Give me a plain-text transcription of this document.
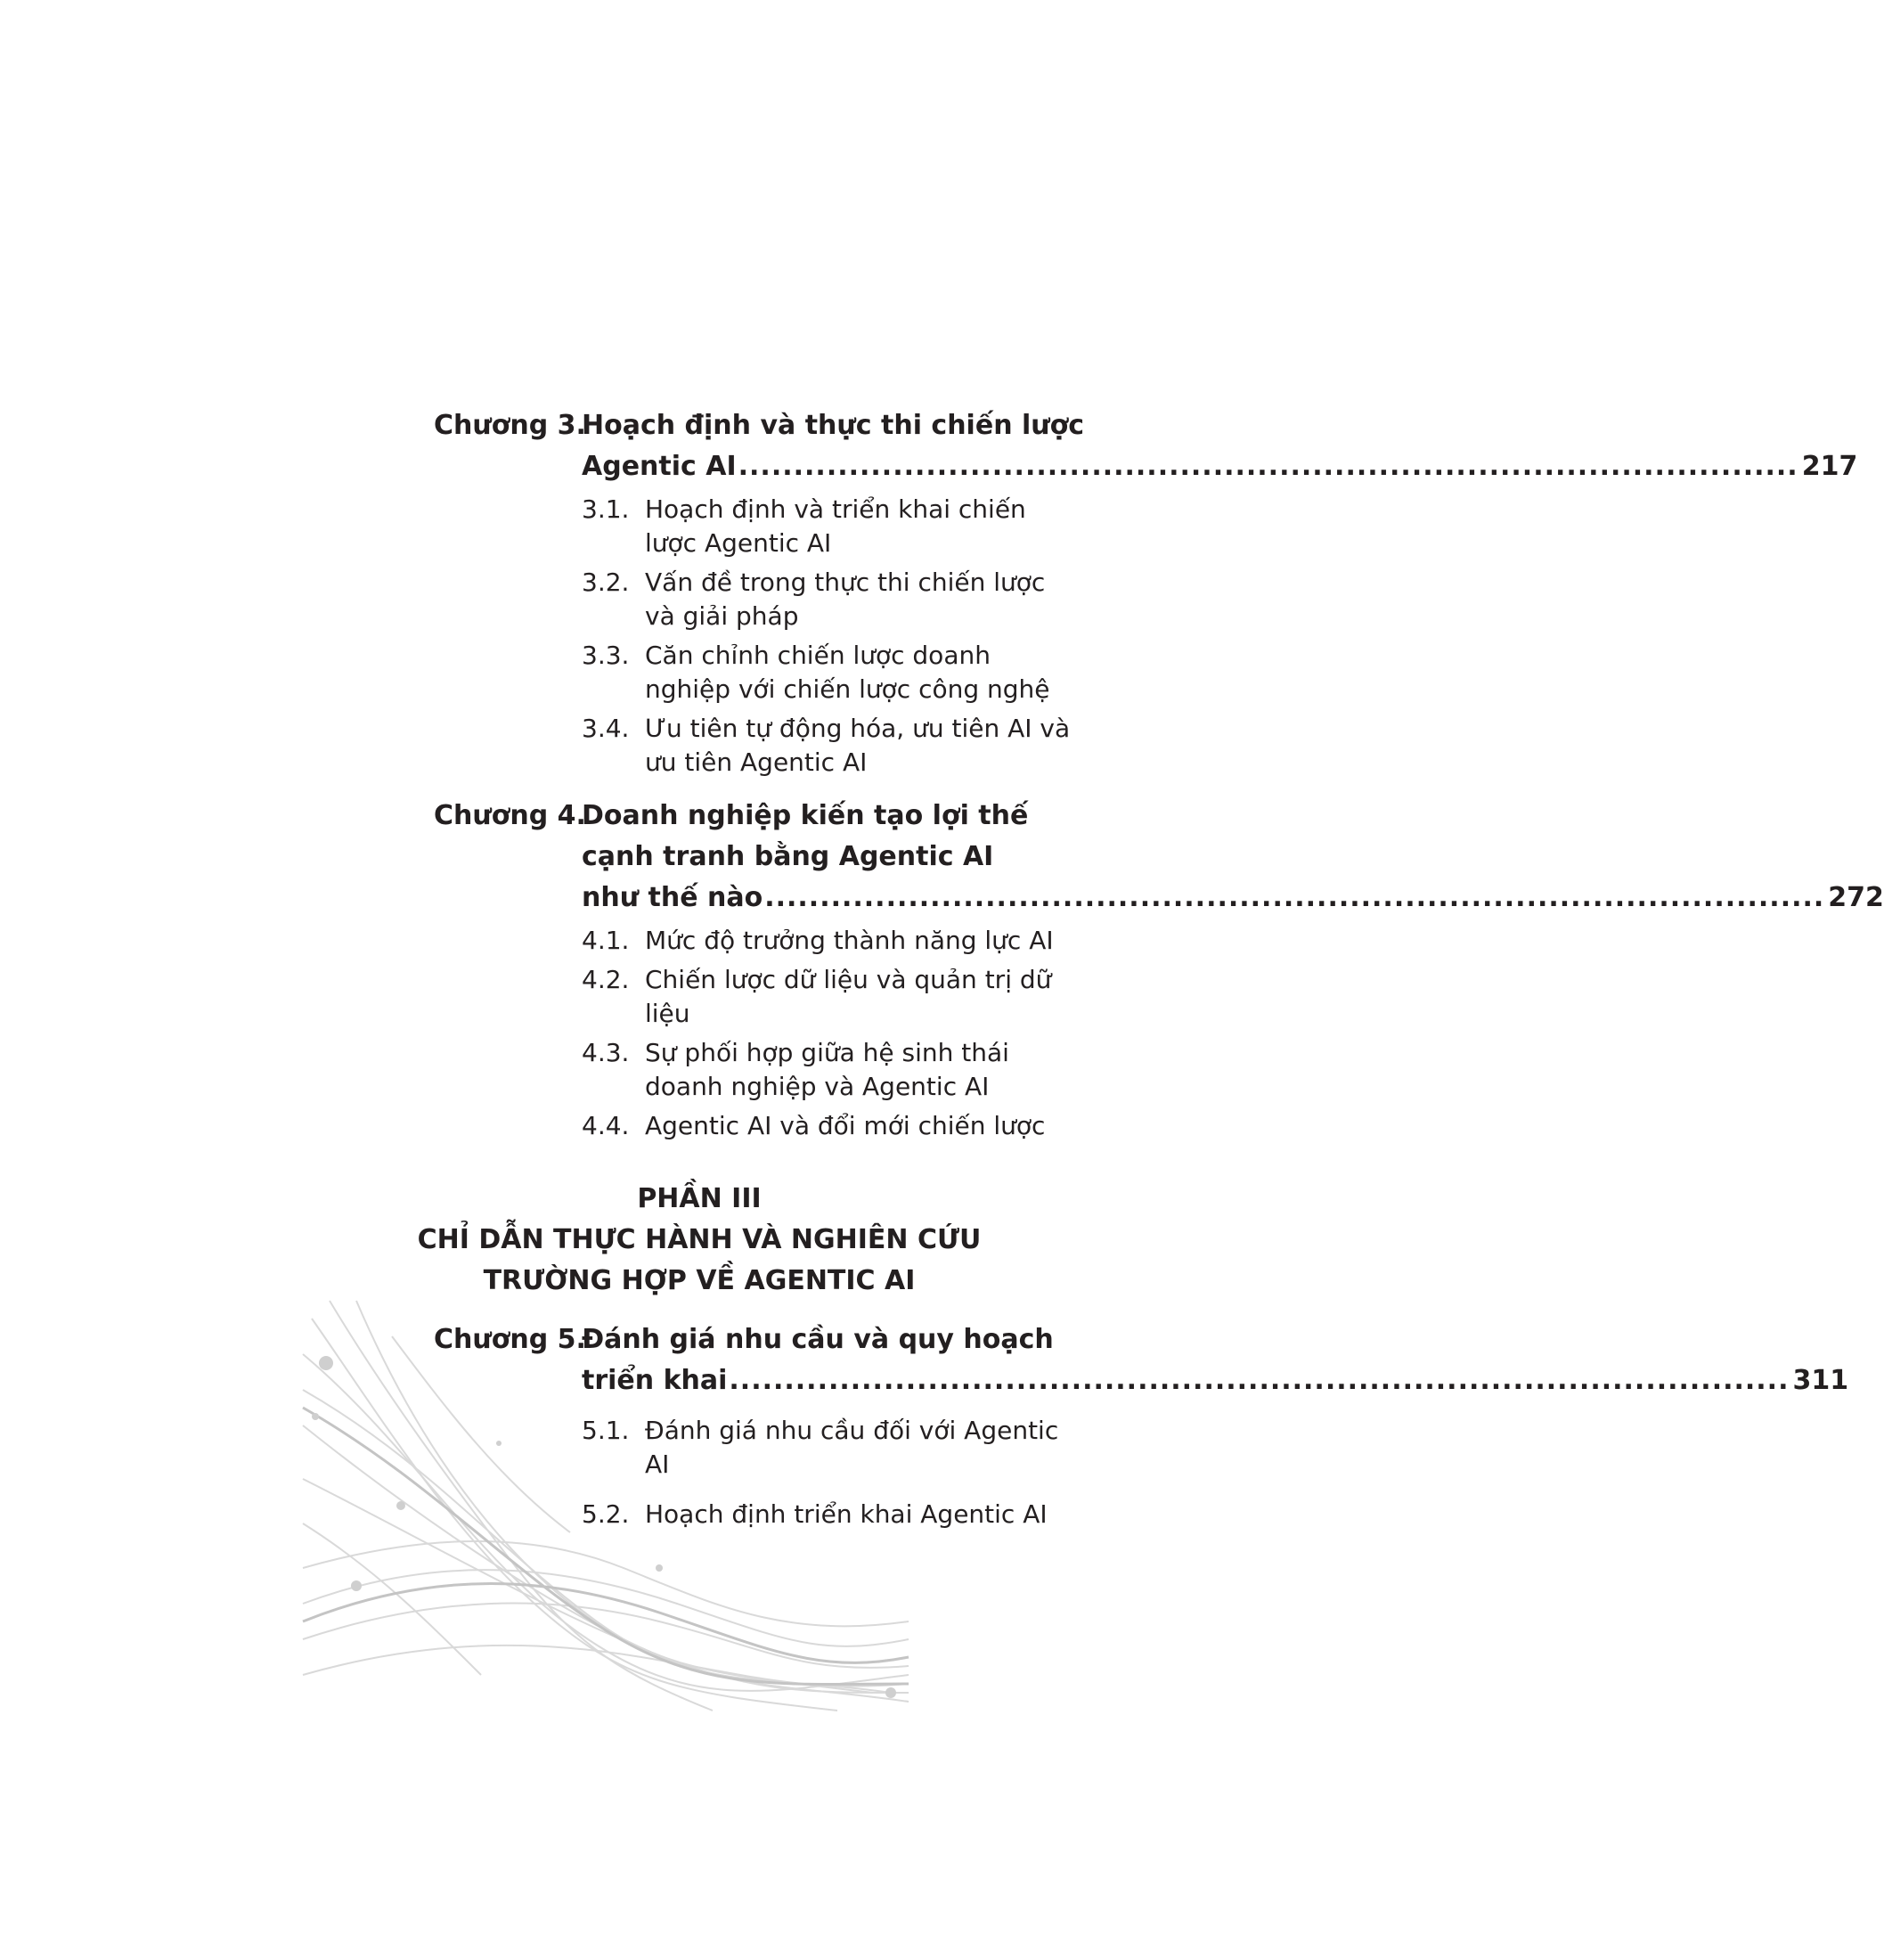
Chương 3.
Hoạch định và thực thi chiến lược
Agentic AI ................................................................................................ 217
3.1. Hoạch định và triển khai chiến lược Agentic AI
3.2. Vấn đề trong thực thi chiến lược và giải pháp
3.3. Căn chỉnh chiến lược doanh nghiệp với chiến lược công nghệ
3.4. Ưu tiên tự động hóa, ưu tiên AI và ưu tiên Agentic AI
Chương 4.
Doanh nghiệp kiến tạo lợi thế
cạnh tranh bằng Agentic AI
như thế nào ................................................................................................ 272
4.1. Mức độ trưởng thành năng lực AI
4.2. Chiến lược dữ liệu và quản trị dữ liệu
4.3. Sự phối hợp giữa hệ sinh thái doanh nghiệp và Agentic AI
4.4. Agentic AI và đổi mới chiến lược
PHẦN III
CHỈ DẪN THỰC HÀNH VÀ NGHIÊN CỨU
TRƯỜNG HỢP VỀ AGENTIC AI
Chương 5.
Đánh giá nhu cầu và quy hoạch
triển khai ................................................................................................ 311
5.1. Đánh giá nhu cầu đối với Agentic AI
5.2. Hoạch định triển khai Agentic AI
